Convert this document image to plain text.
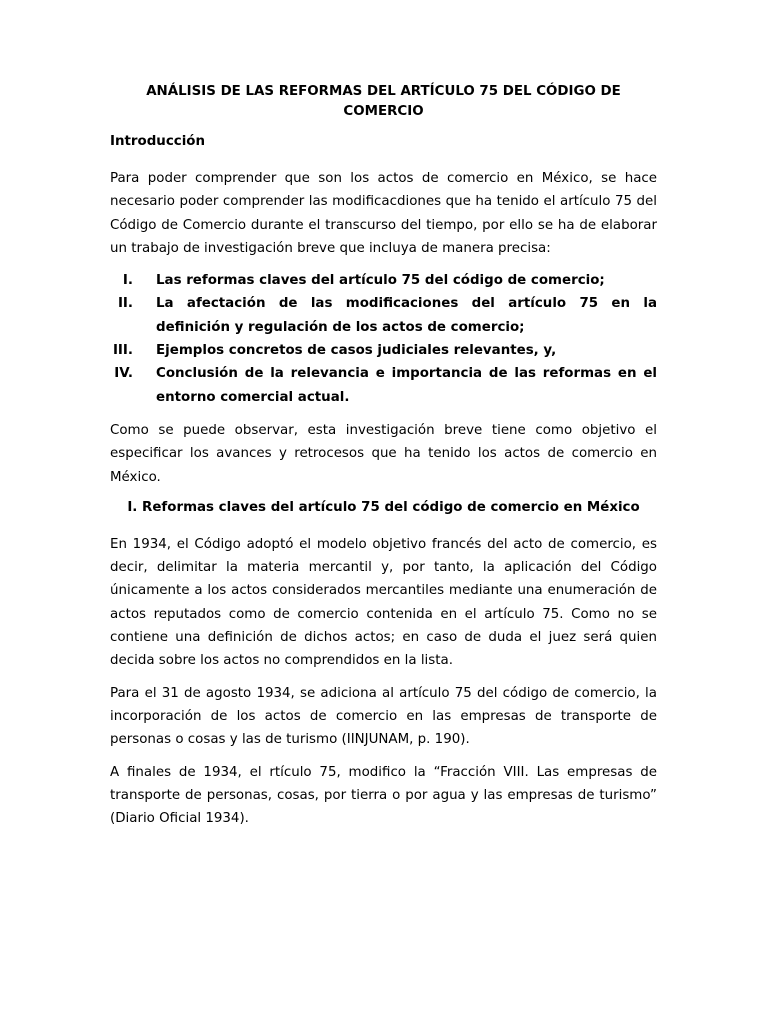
ANÁLISIS DE LAS REFORMAS DEL ARTÍCULO 75 DEL CÓDIGO DE COMERCIO
Introducción

Para poder comprender que son los actos de comercio en México, se hace necesario poder comprender las modificacdiones que ha tenido el artículo 75 del Código de Comercio durante el transcurso del tiempo, por ello se ha de elaborar un trabajo de investigación breve que incluya de manera precisa:

I. Las reformas claves del artículo 75 del código de comercio;
II. La afectación de las modificaciones del artículo 75 en la definición y regulación de los actos de comercio;
III. Ejemplos concretos de casos judiciales relevantes, y,
IV. Conclusión de la relevancia e importancia de las reformas en el entorno comercial actual.

Como se puede observar, esta investigación breve tiene como objetivo el especificar los avances y retrocesos que ha tenido los actos de comercio en México.

I. Reformas claves del artículo 75 del código de comercio en México

En 1934, el Código adoptó el modelo objetivo francés del acto de comercio, es decir, delimitar la materia mercantil y, por tanto, la aplicación del Código únicamente a los actos considerados mercantiles mediante una enumeración de actos reputados como de comercio contenida en el artículo 75. Como no se contiene una definición de dichos actos; en caso de duda el juez será quien decida sobre los actos no comprendidos en la lista.

Para el 31 de agosto 1934, se adiciona al artículo 75 del código de comercio, la incorporación de los actos de comercio en las empresas de transporte de personas o cosas y las de turismo (IINJUNAM, p. 190).

A finales de 1934, el rtículo 75, modifico la “Fracción VIII. Las empresas de transporte de personas, cosas, por tierra o por agua y las empresas de turismo” (Diario Oficial 1934).
